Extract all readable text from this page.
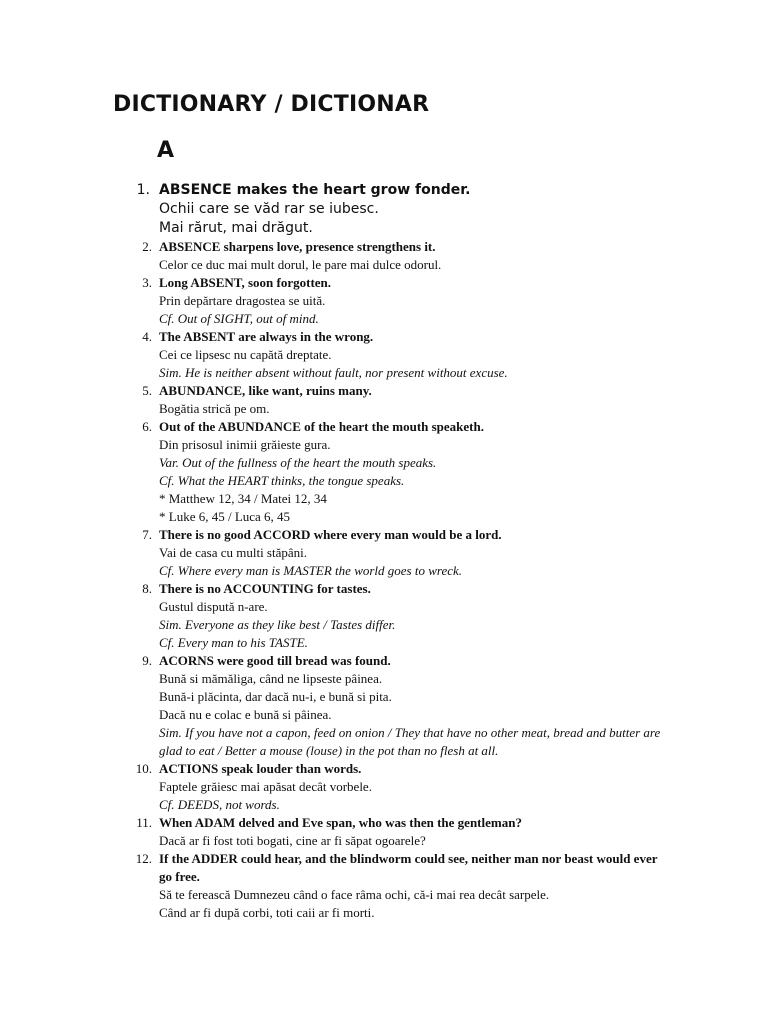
DICTIONARY / DICTIONAR
A
1. ABSENCE makes the heart grow fonder.
Ochii care se văd rar se iubesc.
Mai rărut, mai drăgut.
2. ABSENCE sharpens love, presence strengthens it.
Celor ce duc mai mult dorul, le pare mai dulce odorul.
3. Long ABSENT, soon forgotten.
Prin depărtare dragostea se uită.
Cf. Out of SIGHT, out of mind.
4. The ABSENT are always in the wrong.
Cei ce lipsesc nu capătă dreptate.
Sim. He is neither absent without fault, nor present without excuse.
5. ABUNDANCE, like want, ruins many.
Bogătia strică pe om.
6. Out of the ABUNDANCE of the heart the mouth speaketh.
Din prisosul inimii grăieste gura.
Var. Out of the fullness of the heart the mouth speaks.
Cf. What the HEART thinks, the tongue speaks.
* Matthew 12, 34 / Matei 12, 34
* Luke 6, 45 / Luca 6, 45
7. There is no good ACCORD where every man would be a lord.
Vai de casa cu multi stăpâni.
Cf. Where every man is MASTER the world goes to wreck.
8. There is no ACCOUNTING for tastes.
Gustul dispută n-are.
Sim. Everyone as they like best / Tastes differ.
Cf. Every man to his TASTE.
9. ACORNS were good till bread was found.
Bună si mămăliga, când ne lipseste pâinea.
Bună-i plăcinta, dar dacă nu-i, e bună si pita.
Dacă nu e colac e bună si pâinea.
Sim. If you have not a capon, feed on onion / They that have no other meat, bread and butter are glad to eat / Better a mouse (louse) in the pot than no flesh at all.
10. ACTIONS speak louder than words.
Faptele grăiesc mai apăsat decât vorbele.
Cf. DEEDS, not words.
11. When ADAM delved and Eve span, who was then the gentleman?
Dacă ar fi fost toti bogati, cine ar fi săpat ogoarele?
12. If the ADDER could hear, and the blindworm could see, neither man nor beast would ever go free.
Să te ferească Dumnezeu când o face râma ochi, că-i mai rea decât sarpele.
Când ar fi după corbi, toti caii ar fi morti.
